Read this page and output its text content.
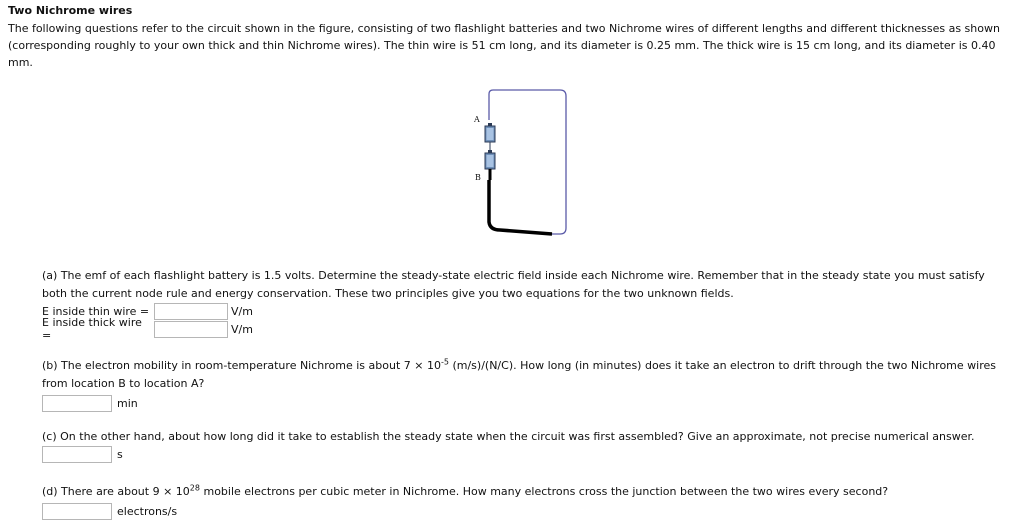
Two Nichrome wires
The following questions refer to the circuit shown in the figure, consisting of two flashlight batteries and two Nichrome wires of different lengths and different thicknesses as shown (corresponding roughly to your own thick and thin Nichrome wires). The thin wire is 51 cm long, and its diameter is 0.25 mm. The thick wire is 15 cm long, and its diameter is 0.40 mm.
A
B
(a) The emf of each flashlight battery is 1.5 volts. Determine the steady-state electric field inside each Nichrome wire. Remember that in the steady state you must satisfy both the current node rule and energy conservation. These two principles give you two equations for the two unknown fields.
E inside thin wire =	V/m
E inside thick wire =	V/m
(b) The electron mobility in room-temperature Nichrome is about $7 \times 10^{-5}$ (m/s)/(N/C). How long (in minutes) does it take an electron to drift through the two Nichrome wires from location B to location A?
min
(c) On the other hand, about how long did it take to establish the steady state when the circuit was first assembled? Give an approximate, not precise numerical answer.
s
(d) There are about $9 \times 10^{28}$ mobile electrons per cubic meter in Nichrome. How many electrons cross the junction between the two wires every second?
electrons/s
